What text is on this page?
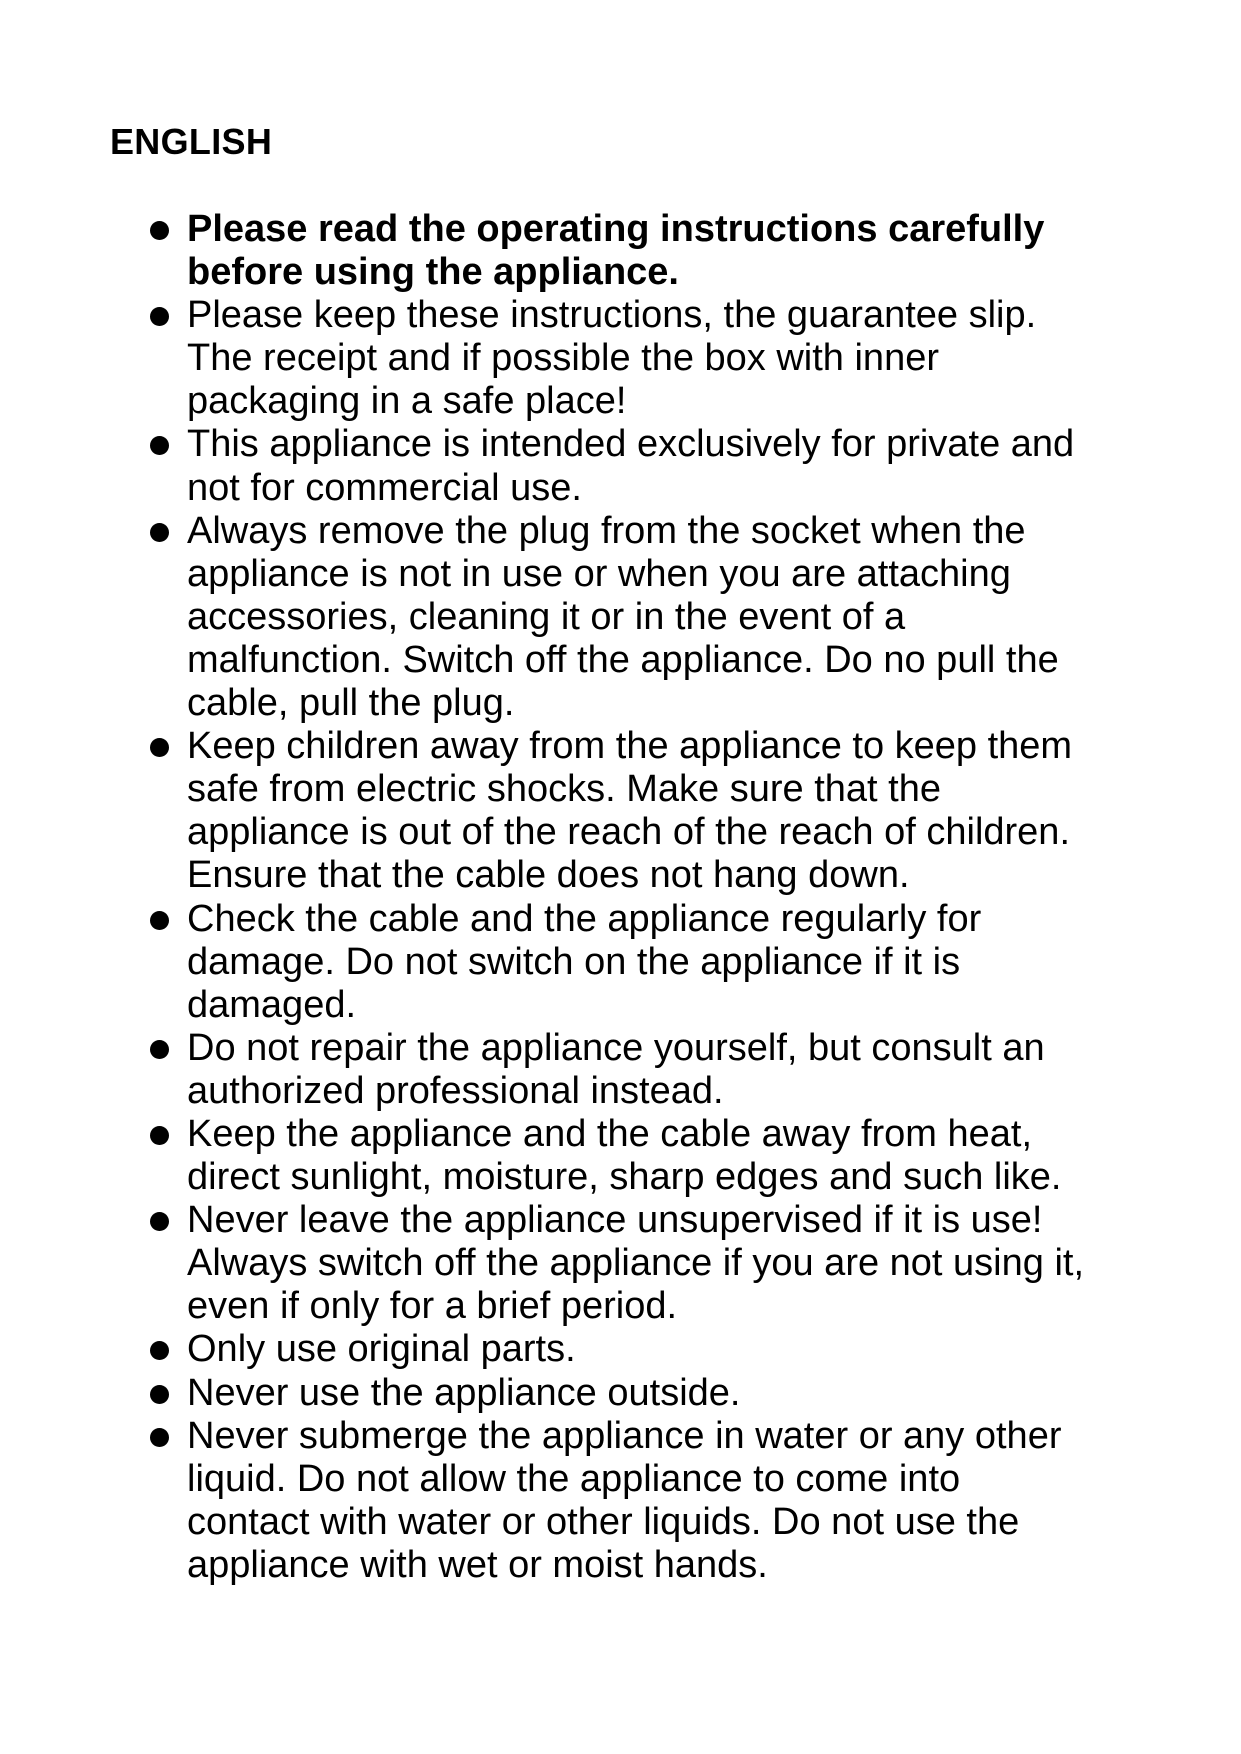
ENGLISH
Please read the operating instructions carefully
before using the appliance.
Please keep these instructions, the guarantee slip.
The receipt and if possible the box with inner
packaging in a safe place!
This appliance is intended exclusively for private and
not for commercial use.
Always remove the plug from the socket when the
appliance is not in use or when you are attaching
accessories, cleaning it or in the event of a
malfunction. Switch off the appliance. Do no pull the
cable, pull the plug.
Keep children away from the appliance to keep them
safe from electric shocks. Make sure that the
appliance is out of the reach of the reach of children.
Ensure that the cable does not hang down.
Check the cable and the appliance regularly for
damage. Do not switch on the appliance if it is
damaged.
Do not repair the appliance yourself, but consult an
authorized professional instead.
Keep the appliance and the cable away from heat,
direct sunlight, moisture, sharp edges and such like.
Never leave the appliance unsupervised if it is use!
Always switch off the appliance if you are not using it,
even if only for a brief period.
Only use original parts.
Never use the appliance outside.
Never submerge the appliance in water or any other
liquid. Do not allow the appliance to come into
contact with water or other liquids. Do not use the
appliance with wet or moist hands.
